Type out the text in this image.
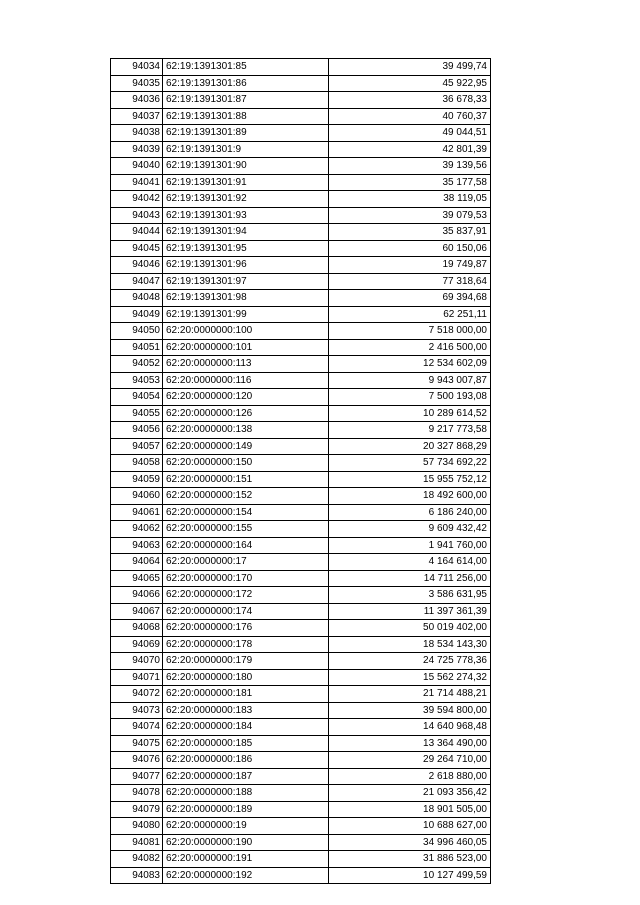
94034	62:19:1391301:85	39 499,74
94035	62:19:1391301:86	45 922,95
94036	62:19:1391301:87	36 678,33
94037	62:19:1391301:88	40 760,37
94038	62:19:1391301:89	49 044,51
94039	62:19:1391301:9	42 801,39
94040	62:19:1391301:90	39 139,56
94041	62:19:1391301:91	35 177,58
94042	62:19:1391301:92	38 119,05
94043	62:19:1391301:93	39 079,53
94044	62:19:1391301:94	35 837,91
94045	62:19:1391301:95	60 150,06
94046	62:19:1391301:96	19 749,87
94047	62:19:1391301:97	77 318,64
94048	62:19:1391301:98	69 394,68
94049	62:19:1391301:99	62 251,11
94050	62:20:0000000:100	7 518 000,00
94051	62:20:0000000:101	2 416 500,00
94052	62:20:0000000:113	12 534 602,09
94053	62:20:0000000:116	9 943 007,87
94054	62:20:0000000:120	7 500 193,08
94055	62:20:0000000:126	10 289 614,52
94056	62:20:0000000:138	9 217 773,58
94057	62:20:0000000:149	20 327 868,29
94058	62:20:0000000:150	57 734 692,22
94059	62:20:0000000:151	15 955 752,12
94060	62:20:0000000:152	18 492 600,00
94061	62:20:0000000:154	6 186 240,00
94062	62:20:0000000:155	9 609 432,42
94063	62:20:0000000:164	1 941 760,00
94064	62:20:0000000:17	4 164 614,00
94065	62:20:0000000:170	14 711 256,00
94066	62:20:0000000:172	3 586 631,95
94067	62:20:0000000:174	11 397 361,39
94068	62:20:0000000:176	50 019 402,00
94069	62:20:0000000:178	18 534 143,30
94070	62:20:0000000:179	24 725 778,36
94071	62:20:0000000:180	15 562 274,32
94072	62:20:0000000:181	21 714 488,21
94073	62:20:0000000:183	39 594 800,00
94074	62:20:0000000:184	14 640 968,48
94075	62:20:0000000:185	13 364 490,00
94076	62:20:0000000:186	29 264 710,00
94077	62:20:0000000:187	2 618 880,00
94078	62:20:0000000:188	21 093 356,42
94079	62:20:0000000:189	18 901 505,00
94080	62:20:0000000:19	10 688 627,00
94081	62:20:0000000:190	34 996 460,05
94082	62:20:0000000:191	31 886 523,00
94083	62:20:0000000:192	10 127 499,59
